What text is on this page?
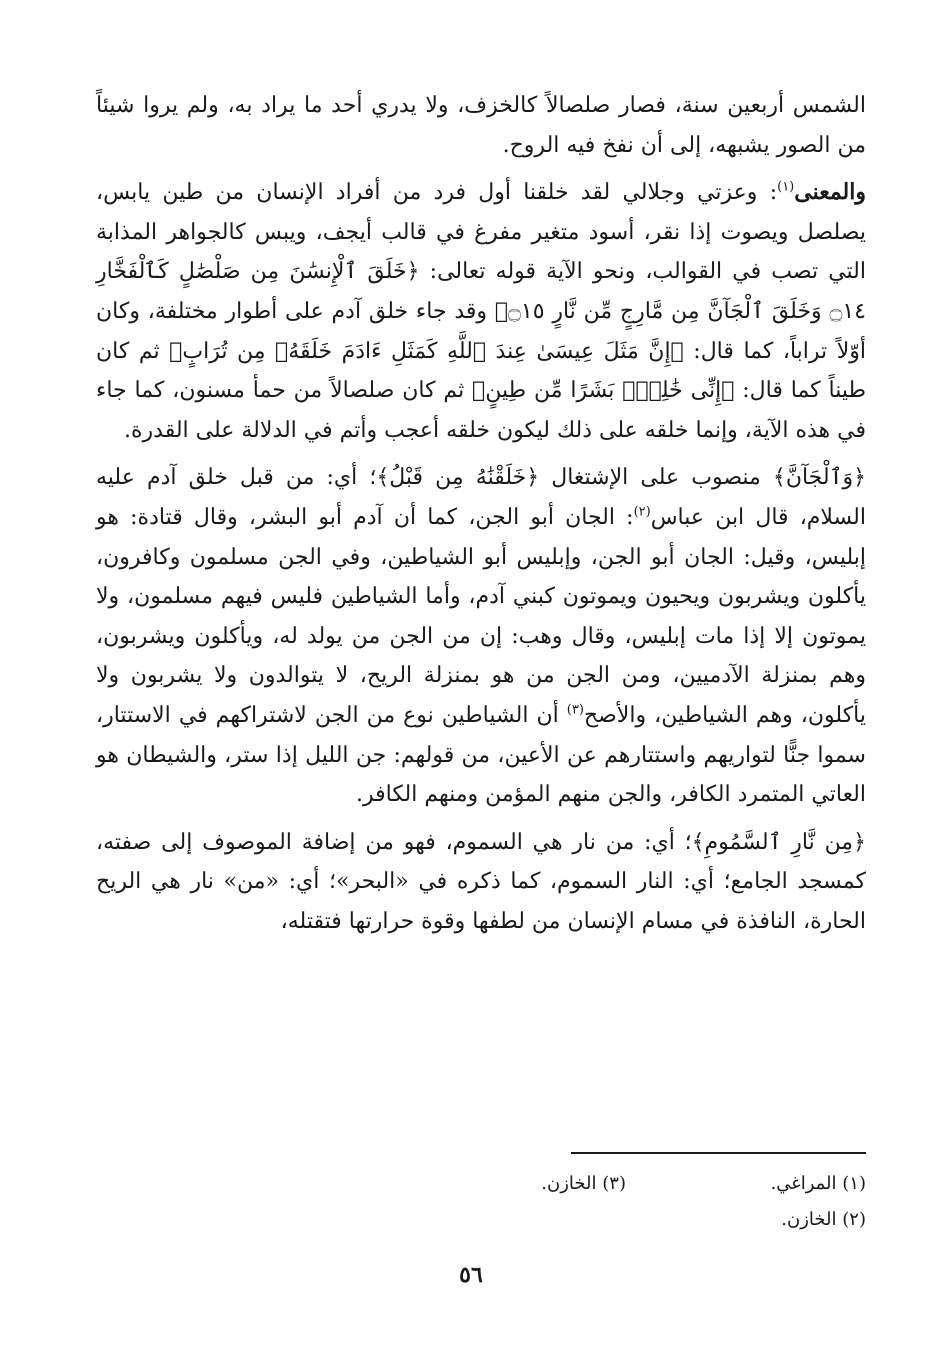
الشمس أربعين سنة، فصار صلصالاً كالخزف، ولا يدري أحد ما يراد به، ولم يروا شيئاً من الصور يشبهه، إلى أن نفخ فيه الروح.

والمعنى$^{(١)}$: وعزتي وجلالي لقد خلقنا أول فرد من أفراد الإنسان من طين يابس، يصلصل ويصوت إذا نقر، أسود متغير مفرغ في قالب أيجف، ويبس كالجواهر المذابة التي تصب في القوالب، ونحو الآية قوله تعالى: ﴿خَلَقَ ٱلْإِنسَٰنَ مِن صَلْصَٰلٍ كَٱلْفَخَّارِ ۝١٤ وَخَلَقَ ٱلْجَآنَّ مِن مَّارِجٍ مِّن نَّارٍ ۝١٥﴾ وقد جاء خلق آدم على أطوار مختلفة، وكان أوّلاً تراباً، كما قال: ﴿إِنَّ مَثَلَ عِيسَىٰ عِندَ ٱللَّهِ كَمَثَلِ ءَادَمَ خَلَقَهُۥ مِن تُرَابٍ﴾ ثم كان طيناً كما قال: ﴿إِنِّى خَٰلِقٌۢ بَشَرًا مِّن طِينٍ﴾ ثم كان صلصالاً من حمأ مسنون، كما جاء في هذه الآية، وإنما خلقه على ذلك ليكون خلقه أعجب وأتم في الدلالة على القدرة.

﴿وَٱلْجَآنَّ﴾ منصوب على الإشتغال ﴿خَلَقْنَٰهُ مِن قَبْلُ﴾؛ أي: من قبل خلق آدم عليه السلام، قال ابن عباس$^{(٢)}$: الجان أبو الجن، كما أن آدم أبو البشر، وقال قتادة: هو إبليس، وقيل: الجان أبو الجن، وإبليس أبو الشياطين، وفي الجن مسلمون وكافرون، يأكلون ويشربون ويحيون ويموتون كبني آدم، وأما الشياطين فليس فيهم مسلمون، ولا يموتون إلا إذا مات إبليس، وقال وهب: إن من الجن من يولد له، ويأكلون ويشربون، وهم بمنزلة الآدميين، ومن الجن من هو بمنزلة الريح، لا يتوالدون ولا يشربون ولا يأكلون، وهم الشياطين، والأصح$^{(٣)}$ أن الشياطين نوع من الجن لاشتراكهم في الاستتار، سموا جنًّا لتواريهم واستتارهم عن الأعين، من قولهم: جن الليل إذا ستر، والشيطان هو العاتي المتمرد الكافر، والجن منهم المؤمن ومنهم الكافر.

﴿مِن نَّارِ ٱلسَّمُومِ﴾؛ أي: من نار هي السموم، فهو من إضافة الموصوف إلى صفته، كمسجد الجامع؛ أي: النار السموم، كما ذكره في «البحر»؛ أي: «من» نار هي الريح الحارة، النافذة في مسام الإنسان من لطفها وقوة حرارتها فتقتله،

(١) المراغي.
(٣) الخازن.
(٢) الخازن.
٥٦
